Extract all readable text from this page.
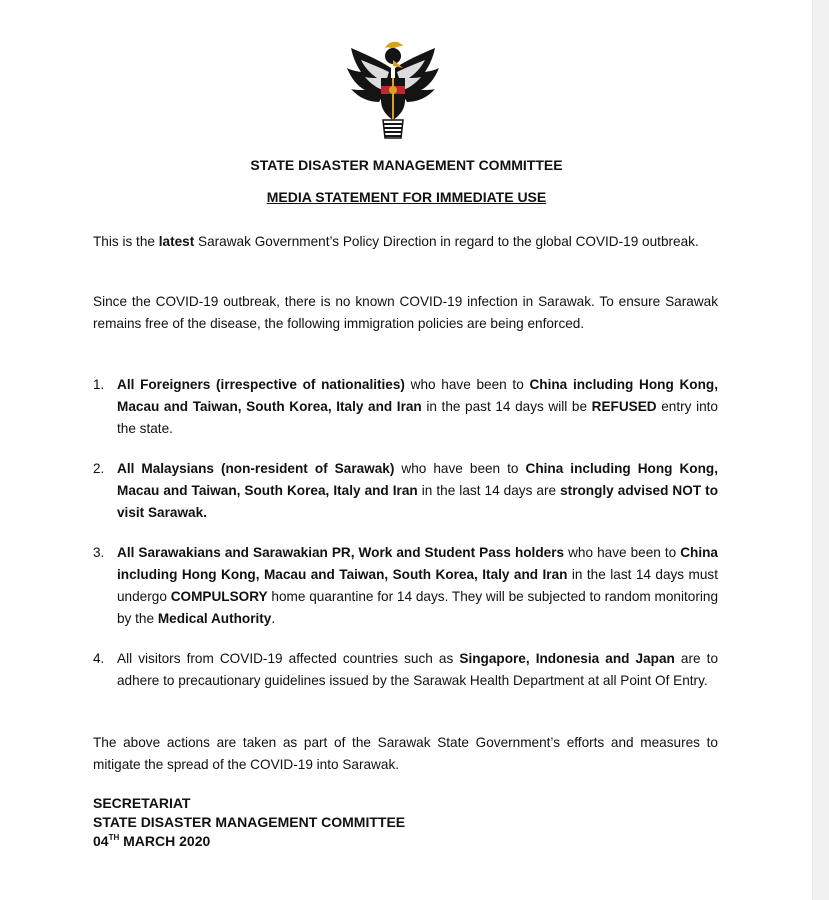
STATE DISASTER MANAGEMENT COMMITTEE
MEDIA STATEMENT FOR IMMEDIATE USE
This is the latest Sarawak Government’s Policy Direction in regard to the global COVID-19 outbreak.
Since the COVID-19 outbreak, there is no known COVID-19 infection in Sarawak. To ensure Sarawak remains free of the disease, the following immigration policies are being enforced.
1. All Foreigners (irrespective of nationalities) who have been to China including Hong Kong, Macau and Taiwan, South Korea, Italy and Iran in the past 14 days will be REFUSED entry into the state.
2. All Malaysians (non-resident of Sarawak) who have been to China including Hong Kong, Macau and Taiwan, South Korea, Italy and Iran in the last 14 days are strongly advised NOT to visit Sarawak.
3. All Sarawakians and Sarawakian PR, Work and Student Pass holders who have been to China including Hong Kong, Macau and Taiwan, South Korea, Italy and Iran in the last 14 days must undergo COMPULSORY home quarantine for 14 days. They will be subjected to random monitoring by the Medical Authority.
4. All visitors from COVID-19 affected countries such as Singapore, Indonesia and Japan are to adhere to precautionary guidelines issued by the Sarawak Health Department at all Point Of Entry.
The above actions are taken as part of the Sarawak State Government’s efforts and measures to mitigate the spread of the COVID-19 into Sarawak.
SECRETARIAT
STATE DISASTER MANAGEMENT COMMITTEE
04TH MARCH 2020
